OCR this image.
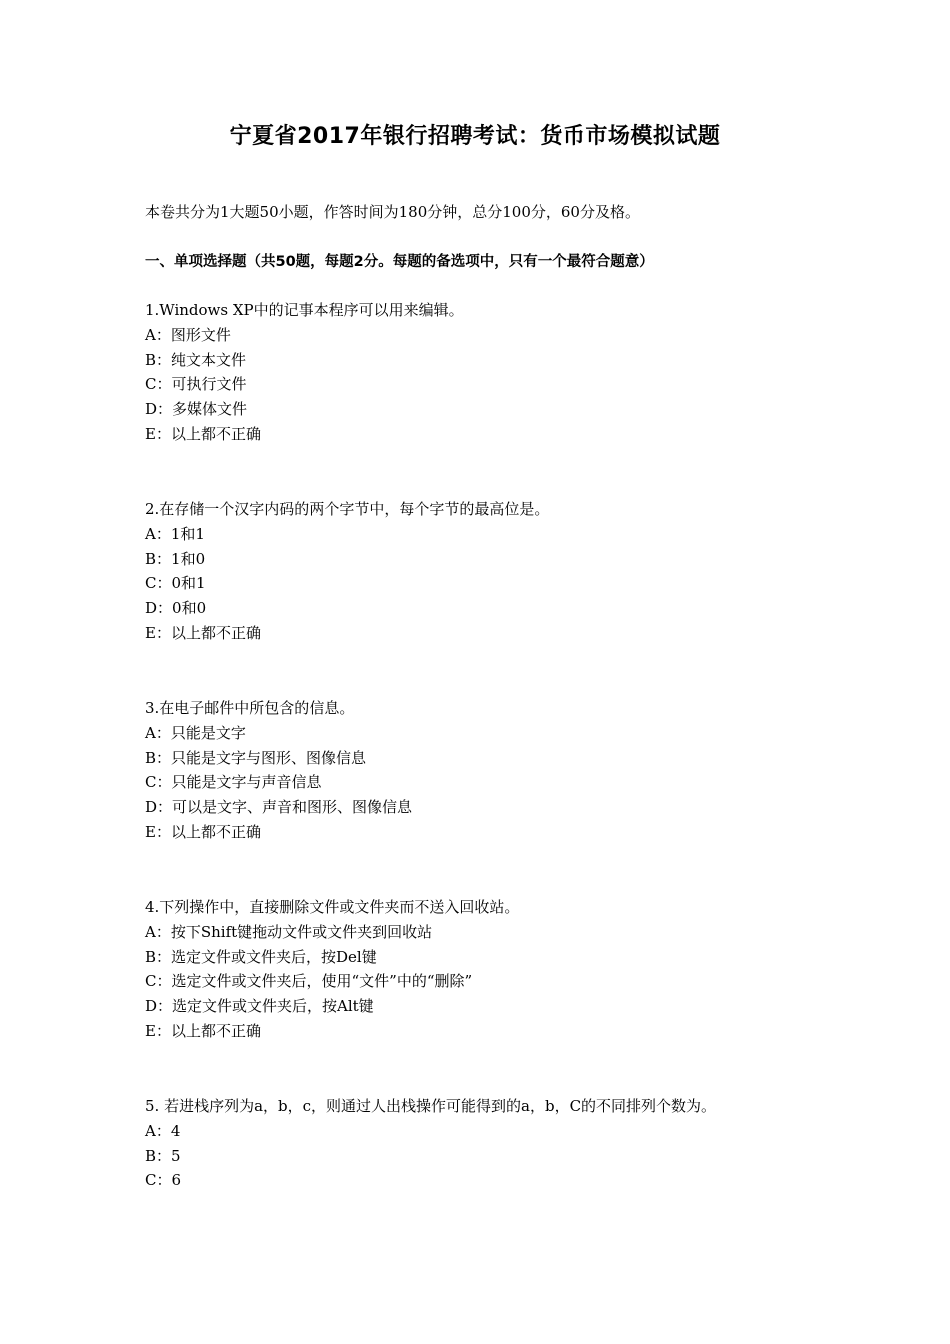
宁夏省2017年银行招聘考试：货币市场模拟试题
本卷共分为1大题50小题，作答时间为180分钟，总分100分，60分及格。
一、单项选择题（共50题，每题2分。每题的备选项中，只有一个最符合题意）
1.Windows XP中的记事本程序可以用来编辑。
A：图形文件
B：纯文本文件
C：可执行文件
D：多媒体文件
E：以上都不正确
2.在存储一个汉字内码的两个字节中，每个字节的最高位是。
A：1和1
B：1和0
C：0和1
D：0和0
E：以上都不正确
3.在电子邮件中所包含的信息。
A：只能是文字
B：只能是文字与图形、图像信息
C：只能是文字与声音信息
D：可以是文字、声音和图形、图像信息
E：以上都不正确
4.下列操作中，直接删除文件或文件夹而不送入回收站。
A：按下Shift键拖动文件或文件夹到回收站
B：选定文件或文件夹后，按Del键
C：选定文件或文件夹后，使用“文件”中的“删除”
D：选定文件或文件夹后，按Alt键
E：以上都不正确
5. 若进栈序列为a，b，c，则通过人出栈操作可能得到的a，b，C的不同排列个数为。
A：4
B：5
C：6
